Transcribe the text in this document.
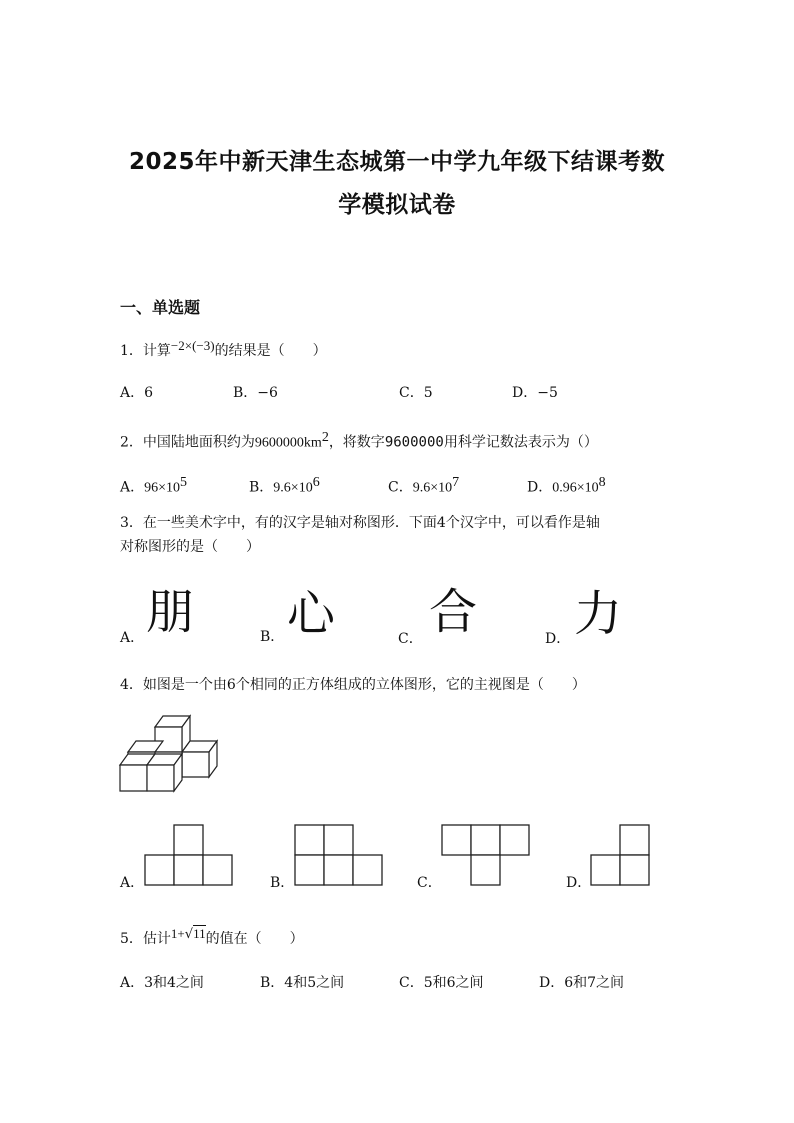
2025年中新天津生态城第一中学九年级下结课考数
学模拟试卷
一、单选题
1．计算−2×(−3)的结果是（　　）
A．6	B．−6	C．5	D．−5
2．中国陆地面积约为$9600000km^2$，将数字9600000用科学记数法表示为（）
A．$96\times 10^5$	B．$9.6\times 10^6$	C．$9.6\times 10^7$	D．$0.96\times 10^8$
3．在一些美术字中，有的汉字是轴对称图形．下面4个汉字中，可以看作是轴
对称图形的是（　　）
A． 朋	B． 心	C． 合	D． 力
4．如图是一个由6个相同的正方体组成的立体图形，它的主视图是（　　）
A．	B．	C．	D．
5．估计1+√11的值在（　　）
A．3和4之间	B．4和5之间	C．5和6之间	D．6和7之间
